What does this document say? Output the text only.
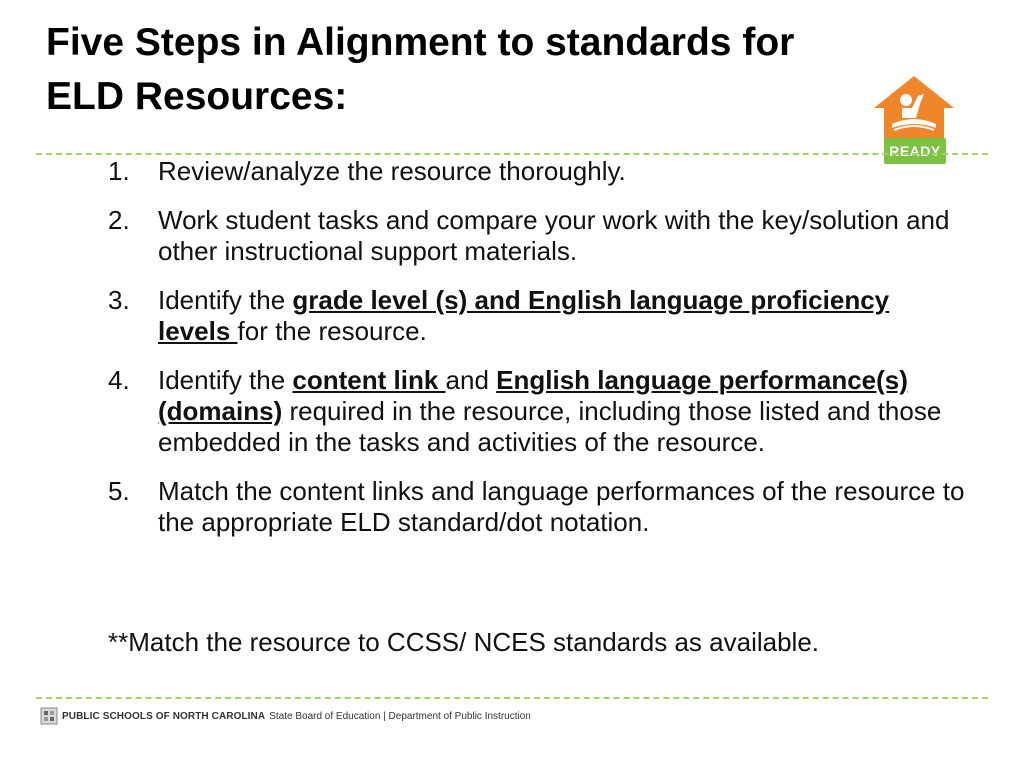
Five Steps in Alignment to standards for ELD Resources:
READY
1.	Review/analyze the resource thoroughly.
2.	Work student tasks and compare your work with the key/solution and other instructional support materials.
3.	Identify the grade level (s) and English language proficiency levels for the resource.
4.	Identify the content link and English language performance(s) (domains) required in the resource, including those listed and those embedded in the tasks and activities of the resource.
5.	Match the content links and language performances of the resource to the appropriate ELD standard/dot notation.

**Match the resource to CCSS/ NCES standards as available.

PUBLIC SCHOOLS OF NORTH CAROLINA State Board of Education | Department of Public Instruction
